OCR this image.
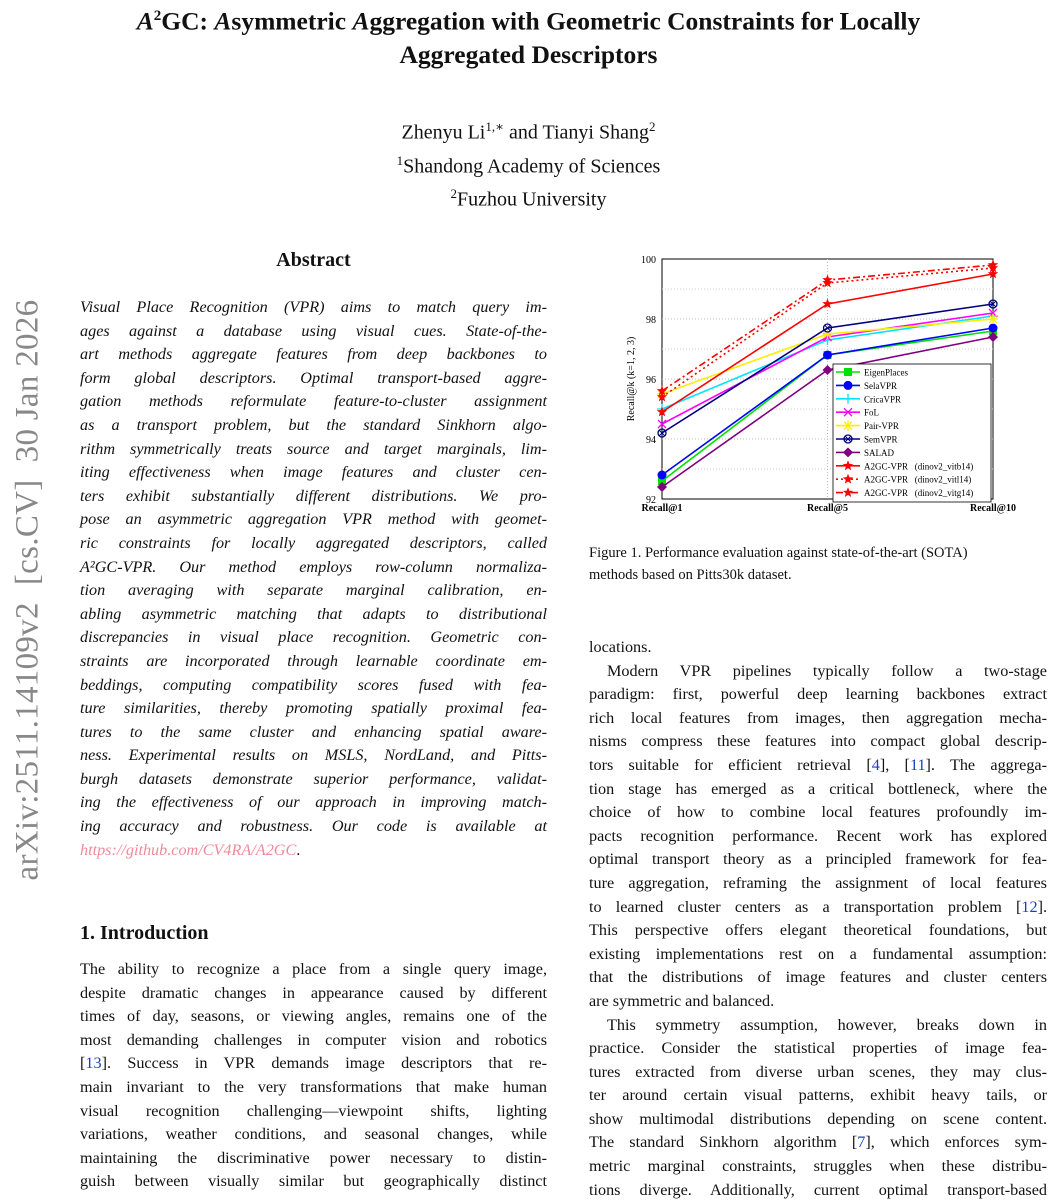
$A^2GC$: Asymmetric Aggregation with Geometric Constraints for Locally
Aggregated Descriptors
Zhenyu $Li^{1,∗}$ and Tianyi Shang$^2$
$^1$Shandong Academy of Sciences
$^2$Fuzhou University
arXiv:2511.14109v2  [cs.CV]  30 Jan 2026
Abstract
Visual Place Recognition (VPR) aims to match query im-
ages against a database using visual cues. State-of-the-
art methods aggregate features from deep backbones to
form global descriptors. Optimal transport-based aggre-
gation methods reformulate feature-to-cluster assignment
as a transport problem, but the standard Sinkhorn algo-
rithm symmetrically treats source and target marginals, lim-
iting effectiveness when image features and cluster cen-
ters exhibit substantially different distributions. We pro-
pose an asymmetric aggregation VPR method with geomet-
ric constraints for locally aggregated descriptors, called
A²GC-VPR. Our method employs row-column normaliza-
tion averaging with separate marginal calibration, en-
abling asymmetric matching that adapts to distributional
discrepancies in visual place recognition. Geometric con-
straints are incorporated through learnable coordinate em-
beddings, computing compatibility scores fused with fea-
ture similarities, thereby promoting spatially proximal fea-
tures to the same cluster and enhancing spatial aware-
ness. Experimental results on MSLS, NordLand, and Pitts-
burgh datasets demonstrate superior performance, validat-
ing the effectiveness of our approach in improving match-
ing accuracy and robustness. Our code is available at
https://github.com/CV4RA/A2GC.
1. Introduction
The ability to recognize a place from a single query image,
despite dramatic changes in appearance caused by different
times of day, seasons, or viewing angles, remains one of the
most demanding challenges in computer vision and robotics
[13]. Success in VPR demands image descriptors that re-
main invariant to the very transformations that make human
visual recognition challenging—viewpoint shifts, lighting
variations, weather conditions, and seasonal changes, while
maintaining the discriminative power necessary to distin-
guish between visually similar but geographically distinct
92
94
96
98
100
Recall@1	Recall@5	Recall@10
Recall@k (k=1, 2, 3)	EigenPlaces
SelaVPR
CricaVPR
FoL
Pair-VPR
SemVPR
SALAD
A2GC-VPR   (dinov2_vitb14)
A2GC-VPR   (dinov2_vitl14)
A2GC-VPR   (dinov2_vitg14)
Figure 1. Performance evaluation against state-of-the-art (SOTA)
methods based on Pitts30k dataset.
locations.
Modern VPR pipelines typically follow a two-stage
paradigm: first, powerful deep learning backbones extract
rich local features from images, then aggregation mecha-
nisms compress these features into compact global descrip-
tors suitable for efficient retrieval [4], [11]. The aggrega-
tion stage has emerged as a critical bottleneck, where the
choice of how to combine local features profoundly im-
pacts recognition performance. Recent work has explored
optimal transport theory as a principled framework for fea-
ture aggregation, reframing the assignment of local features
to learned cluster centers as a transportation problem [12].
This perspective offers elegant theoretical foundations, but
existing implementations rest on a fundamental assumption:
that the distributions of image features and cluster centers
are symmetric and balanced.
This symmetry assumption, however, breaks down in
practice. Consider the statistical properties of image fea-
tures extracted from diverse urban scenes, they may clus-
ter around certain visual patterns, exhibit heavy tails, or
show multimodal distributions depending on scene content.
The standard Sinkhorn algorithm [7], which enforces sym-
metric marginal constraints, struggles when these distribu-
tions diverge. Additionally, current optimal transport-based
